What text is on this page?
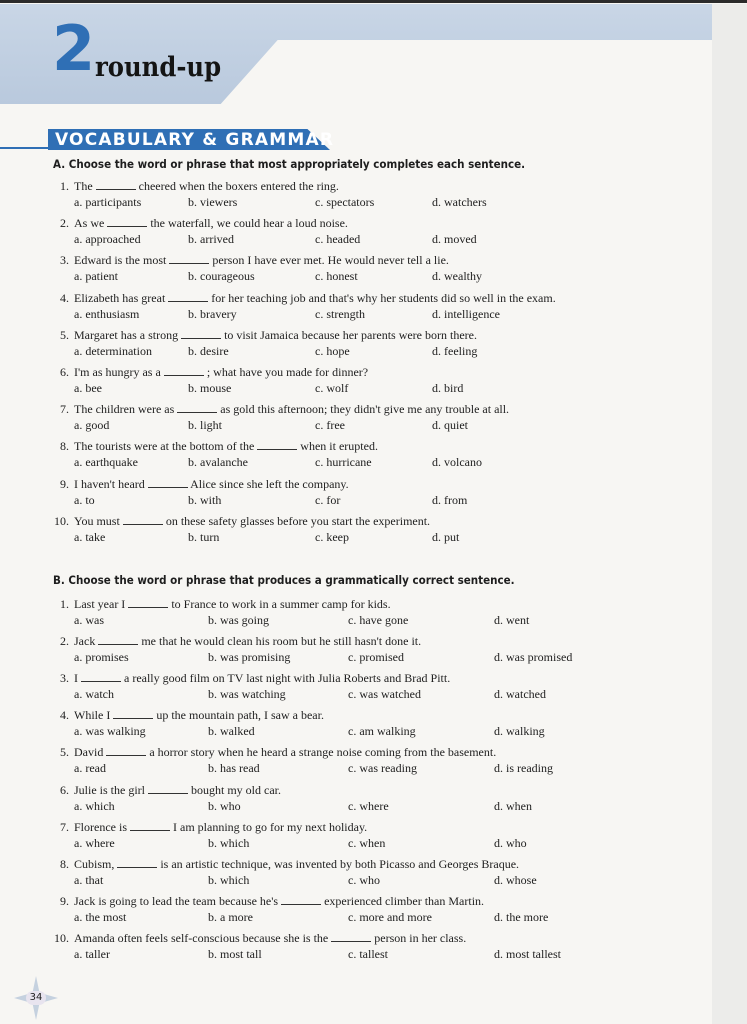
2 round-up
VOCABULARY & GRAMMAR
A. Choose the word or phrase that most appropriately completes each sentence.
1. The	cheered when the boxers entered the ring.
a. participants	b. viewers	c. spectators	d. watchers
2. As we	the waterfall, we could hear a loud noise.
a. approached	b. arrived	c. headed	d. moved
3. Edward is the most	person I have ever met. He would never tell a lie.
a. patient	b. courageous	c. honest	d. wealthy
4. Elizabeth has great	for her teaching job and that's why her students did so well in the exam.
a. enthusiasm	b. bravery	c. strength	d. intelligence
5. Margaret has a strong	to visit Jamaica because her parents were born there.
a. determination	b. desire	c. hope	d. feeling
6. I'm as hungry as a	; what have you made for dinner?
a. bee	b. mouse	c. wolf	d. bird
7. The children were as	as gold this afternoon; they didn't give me any trouble at all.
a. good	b. light	c. free	d. quiet
8. The tourists were at the bottom of the	when it erupted.
a. earthquake	b. avalanche	c. hurricane	d. volcano
9. I haven't heard	Alice since she left the company.
a. to	b. with	c. for	d. from
10. You must	on these safety glasses before you start the experiment.
a. take	b. turn	c. keep	d. put
B. Choose the word or phrase that produces a grammatically correct sentence.
1. Last year I	to France to work in a summer camp for kids.
a. was	b. was going	c. have gone	d. went
2. Jack	me that he would clean his room but he still hasn't done it.
a. promises	b. was promising	c. promised	d. was promised
3. I	a really good film on TV last night with Julia Roberts and Brad Pitt.
a. watch	b. was watching	c. was watched	d. watched
4. While I	up the mountain path, I saw a bear.
a. was walking	b. walked	c. am walking	d. walking
5. David	a horror story when he heard a strange noise coming from the basement.
a. read	b. has read	c. was reading	d. is reading
6. Julie is the girl	bought my old car.
a. which	b. who	c. where	d. when
7. Florence is	I am planning to go for my next holiday.
a. where	b. which	c. when	d. who
8. Cubism,	is an artistic technique, was invented by both Picasso and Georges Braque.
a. that	b. which	c. who	d. whose
9. Jack is going to lead the team because he's	experienced climber than Martin.
a. the most	b. a more	c. more and more	d. the more
10. Amanda often feels self-conscious because she is the	person in her class.
a. taller	b. most tall	c. tallest	d. most tallest
34
